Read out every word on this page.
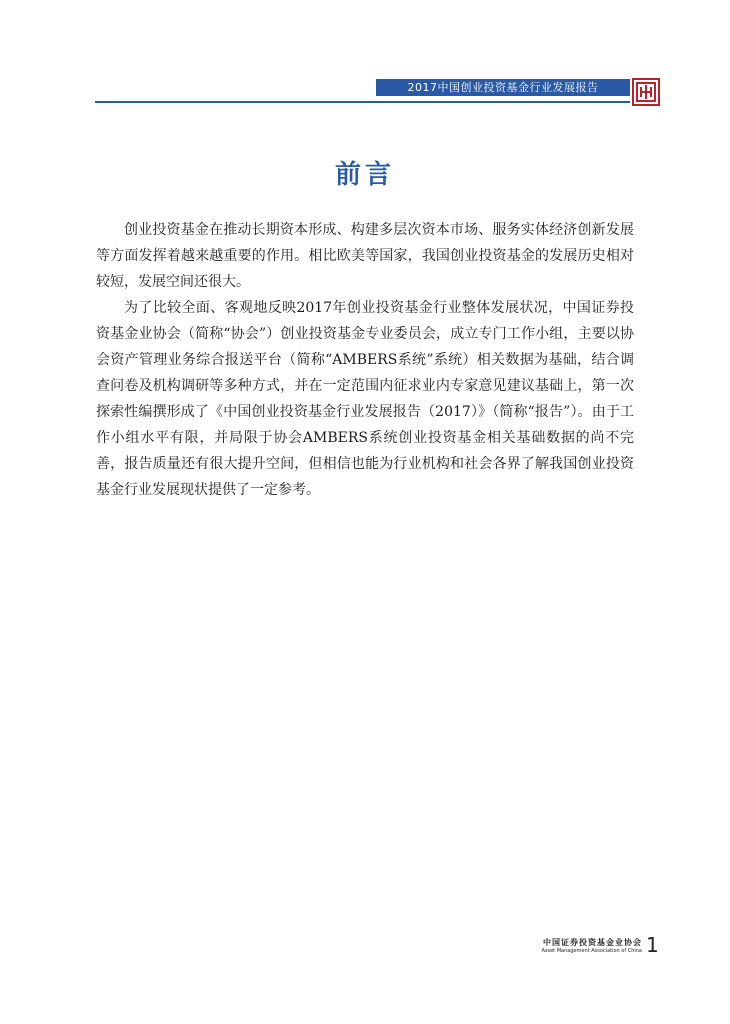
2017中国创业投资基金行业发展报告
前言

创业投资基金在推动长期资本形成、构建多层次资本市场、服务实体经济创新发展等方面发挥着越来越重要的作用。相比欧美等国家，我国创业投资基金的发展历史相对较短，发展空间还很大。

为了比较全面、客观地反映2017年创业投资基金行业整体发展状况，中国证券投资基金业协会（简称“协会”）创业投资基金专业委员会，成立专门工作小组，主要以协会资产管理业务综合报送平台（简称“AMBERS系统”系统）相关数据为基础，结合调查问卷及机构调研等多种方式，并在一定范围内征求业内专家意见建议基础上，第一次探索性编撰形成了《中国创业投资基金行业发展报告（2017）》（简称“报告”）。由于工作小组水平有限，并局限于协会AMBERS系统创业投资基金相关基础数据的尚不完善，报告质量还有很大提升空间，但相信也能为行业机构和社会各界了解我国创业投资基金行业发展现状提供了一定参考。

中国证券投资基金业协会
Asset Management Association of China 1
